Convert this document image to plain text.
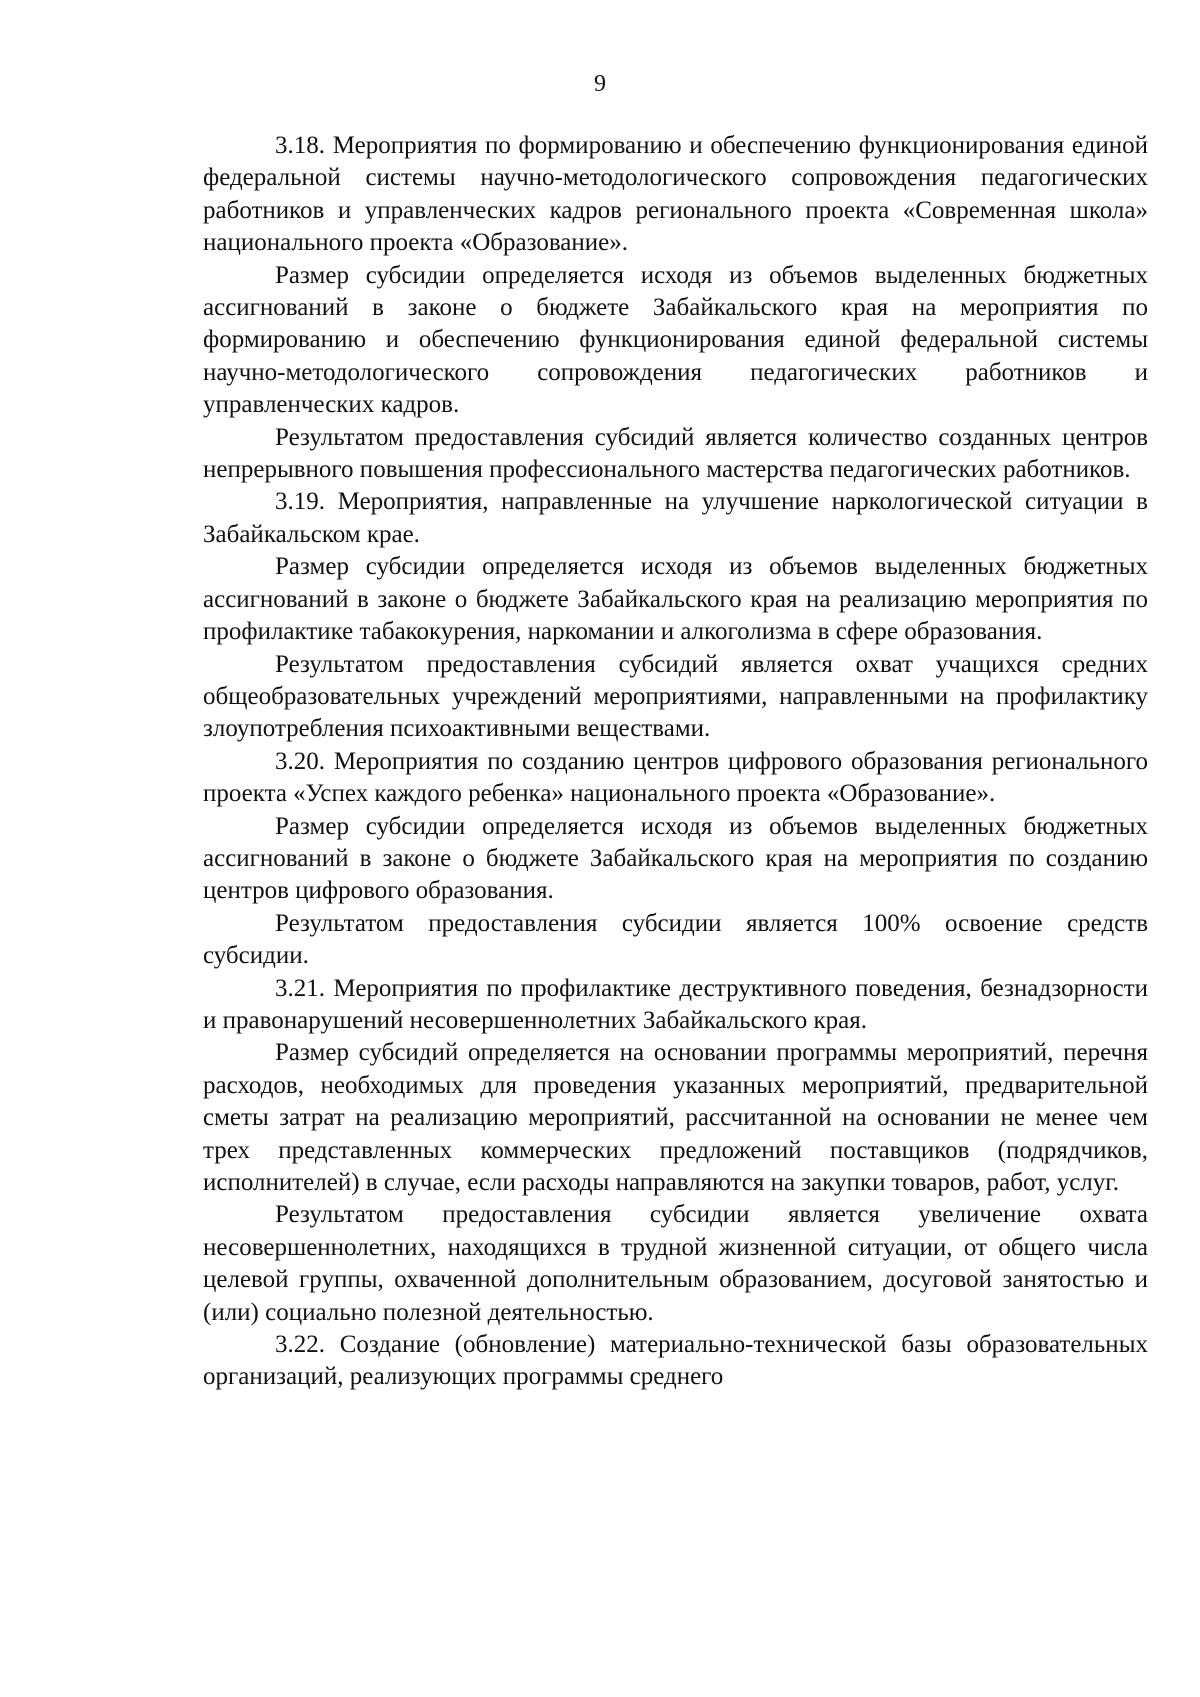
9

3.18. Мероприятия по формированию и обеспечению функционирования единой федеральной системы научно-методологического сопровождения педагогических работников и управленческих кадров регионального проекта «Современная школа» национального проекта «Образование».

Размер субсидии определяется исходя из объемов выделенных бюджетных ассигнований в законе о бюджете Забайкальского края на мероприятия по формированию и обеспечению функционирования единой федеральной системы научно-методологического сопровождения педагогических работников и управленческих кадров.

Результатом предоставления субсидий является количество созданных центров непрерывного повышения профессионального мастерства педагогических работников.

3.19. Мероприятия, направленные на улучшение наркологической ситуации в Забайкальском крае.

Размер субсидии определяется исходя из объемов выделенных бюджетных ассигнований в законе о бюджете Забайкальского края на реализацию мероприятия по профилактике табакокурения, наркомании и алкоголизма в сфере образования.

Результатом предоставления субсидий является охват учащихся средних общеобразовательных учреждений мероприятиями, направленными на профилактику злоупотребления психоактивными веществами.

3.20. Мероприятия по созданию центров цифрового образования регионального проекта «Успех каждого ребенка» национального проекта «Образование».

Размер субсидии определяется исходя из объемов выделенных бюджетных ассигнований в законе о бюджете Забайкальского края на мероприятия по созданию центров цифрового образования.

Результатом предоставления субсидии является 100% освоение средств субсидии.

3.21. Мероприятия по профилактике деструктивного поведения, безнадзорности и правонарушений несовершеннолетних Забайкальского края.

Размер субсидий определяется на основании программы мероприятий, перечня расходов, необходимых для проведения указанных мероприятий, предварительной сметы затрат на реализацию мероприятий, рассчитанной на основании не менее чем трех представленных коммерческих предложений поставщиков (подрядчиков, исполнителей) в случае, если расходы направляются на закупки товаров, работ, услуг.

Результатом предоставления субсидии является увеличение охвата несовершеннолетних, находящихся в трудной жизненной ситуации, от общего числа целевой группы, охваченной дополнительным образованием, досуговой занятостью и (или) социально полезной деятельностью.

3.22. Создание (обновление) материально-технической базы образовательных организаций, реализующих программы среднего
